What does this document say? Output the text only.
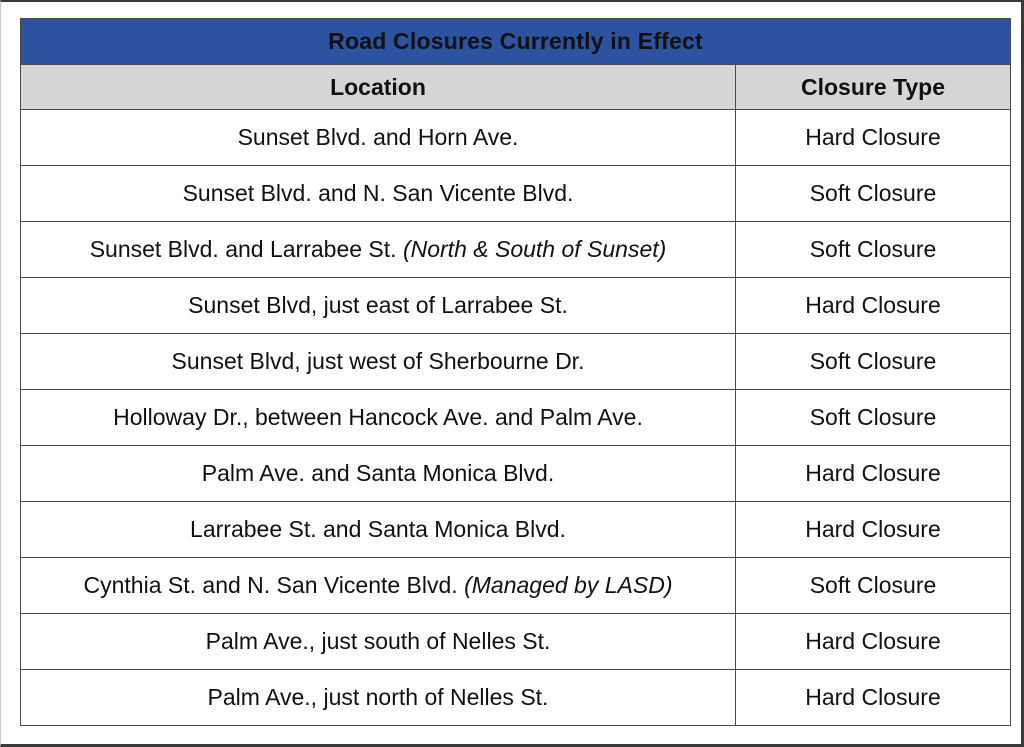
Road Closures Currently in Effect	
Location	Closure Type
Sunset Blvd. and Horn Ave.	Hard Closure
Sunset Blvd. and N. San Vicente Blvd.	Soft Closure
Sunset Blvd. and Larrabee St. (North & South of Sunset)	Soft Closure
Sunset Blvd, just east of Larrabee St.	Hard Closure
Sunset Blvd, just west of Sherbourne Dr.	Soft Closure
Holloway Dr., between Hancock Ave. and Palm Ave.	Soft Closure
Palm Ave. and Santa Monica Blvd.	Hard Closure
Larrabee St. and Santa Monica Blvd.	Hard Closure
Cynthia St. and N. San Vicente Blvd. (Managed by LASD)	Soft Closure
Palm Ave., just south of Nelles St.	Hard Closure
Palm Ave., just north of Nelles St.	Hard Closure
